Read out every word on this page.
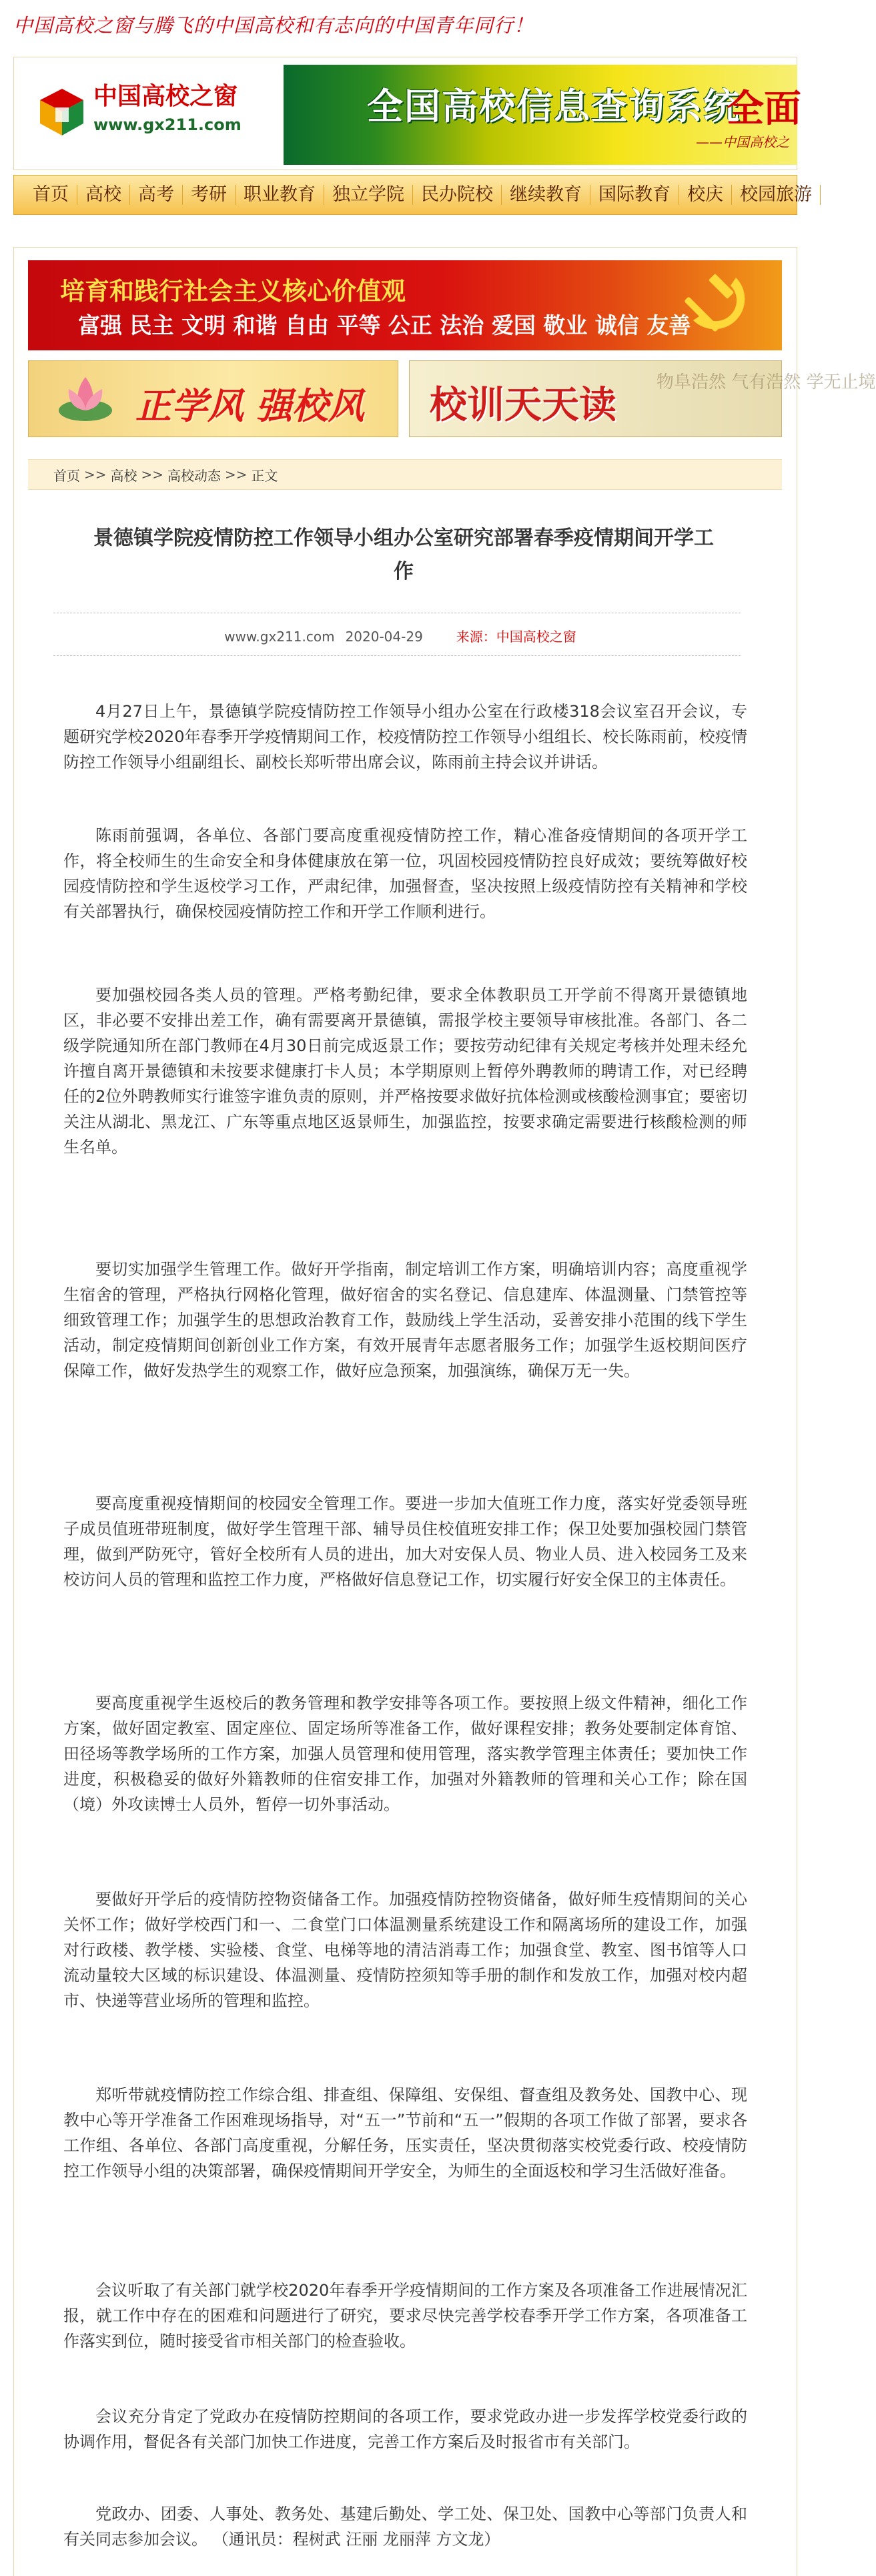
中国高校之窗与腾飞的中国高校和有志向的中国青年同行！
中国高校之窗
www.gx211.com	全国高校信息查询系统
全面
——中国高校之
首页 高校 高考 考研 职业教育 独立学院 民办院校 继续教育 国际教育 校庆 校园旅游
培育和践行社会主义核心价值观
富强 民主 文明 和谐 自由 平等 公正 法治 爱国 敬业 诚信 友善
正学风 强校风
物阜浩然 气有浩然 学无止境
校训天天读
首页 >> 高校 >> 高校动态 >> 正文
景德镇学院疫情防控工作领导小组办公室研究部署春季疫情期间开学工作
www.gx211.com 2020-04-29	来源：中国高校之窗

4月27日上午，景德镇学院疫情防控工作领导小组办公室在行政楼318会议室召开会议，专题研究学校2020年春季开学疫情期间工作，校疫情防控工作领导小组组长、校长陈雨前，校疫情防控工作领导小组副组长、副校长郑听带出席会议，陈雨前主持会议并讲话。

陈雨前强调，各单位、各部门要高度重视疫情防控工作，精心准备疫情期间的各项开学工作，将全校师生的生命安全和身体健康放在第一位，巩固校园疫情防控良好成效；要统筹做好校园疫情防控和学生返校学习工作，严肃纪律，加强督查，坚决按照上级疫情防控有关精神和学校有关部署执行，确保校园疫情防控工作和开学工作顺利进行。

要加强校园各类人员的管理。严格考勤纪律，要求全体教职员工开学前不得离开景德镇地区，非必要不安排出差工作，确有需要离开景德镇，需报学校主要领导审核批准。各部门、各二级学院通知所在部门教师在4月30日前完成返景工作；要按劳动纪律有关规定考核并处理未经允许擅自离开景德镇和未按要求健康打卡人员；本学期原则上暂停外聘教师的聘请工作，对已经聘任的2位外聘教师实行谁签字谁负责的原则，并严格按要求做好抗体检测或核酸检测事宜；要密切关注从湖北、黑龙江、广东等重点地区返景师生，加强监控，按要求确定需要进行核酸检测的师生名单。

要切实加强学生管理工作。做好开学指南，制定培训工作方案，明确培训内容；高度重视学生宿舍的管理，严格执行网格化管理，做好宿舍的实名登记、信息建库、体温测量、门禁管控等细致管理工作；加强学生的思想政治教育工作，鼓励线上学生活动，妥善安排小范围的线下学生活动，制定疫情期间创新创业工作方案，有效开展青年志愿者服务工作；加强学生返校期间医疗保障工作，做好发热学生的观察工作，做好应急预案，加强演练，确保万无一失。

要高度重视疫情期间的校园安全管理工作。要进一步加大值班工作力度，落实好党委领导班子成员值班带班制度，做好学生管理干部、辅导员住校值班安排工作；保卫处要加强校园门禁管理，做到严防死守，管好全校所有人员的进出，加大对安保人员、物业人员、进入校园务工及来校访问人员的管理和监控工作力度，严格做好信息登记工作，切实履行好安全保卫的主体责任。

要高度重视学生返校后的教务管理和教学安排等各项工作。要按照上级文件精神，细化工作方案，做好固定教室、固定座位、固定场所等准备工作，做好课程安排；教务处要制定体育馆、田径场等教学场所的工作方案，加强人员管理和使用管理，落实教学管理主体责任；要加快工作进度，积极稳妥的做好外籍教师的住宿安排工作，加强对外籍教师的管理和关心工作；除在国（境）外攻读博士人员外，暂停一切外事活动。

要做好开学后的疫情防控物资储备工作。加强疫情防控物资储备，做好师生疫情期间的关心关怀工作；做好学校西门和一、二食堂门口体温测量系统建设工作和隔离场所的建设工作，加强对行政楼、教学楼、实验楼、食堂、电梯等地的清洁消毒工作；加强食堂、教室、图书馆等人口流动量较大区域的标识建设、体温测量、疫情防控须知等手册的制作和发放工作，加强对校内超市、快递等营业场所的管理和监控。

郑听带就疫情防控工作综合组、排查组、保障组、安保组、督查组及教务处、国教中心、现教中心等开学准备工作困难现场指导，对“五一”节前和“五一”假期的各项工作做了部署，要求各工作组、各单位、各部门高度重视，分解任务，压实责任，坚决贯彻落实校党委行政、校疫情防控工作领导小组的决策部署，确保疫情期间开学安全，为师生的全面返校和学习生活做好准备。

会议听取了有关部门就学校2020年春季开学疫情期间的工作方案及各项准备工作进展情况汇报，就工作中存在的困难和问题进行了研究，要求尽快完善学校春季开学工作方案，各项准备工作落实到位，随时接受省市相关部门的检查验收。

会议充分肯定了党政办在疫情防控期间的各项工作，要求党政办进一步发挥学校党委行政的协调作用，督促各有关部门加快工作进度，完善工作方案后及时报省市有关部门。

党政办、团委、人事处、教务处、基建后勤处、学工处、保卫处、国教中心等部门负责人和有关同志参加会议。 （通讯员：程树武 汪丽 龙丽萍 方文龙）
